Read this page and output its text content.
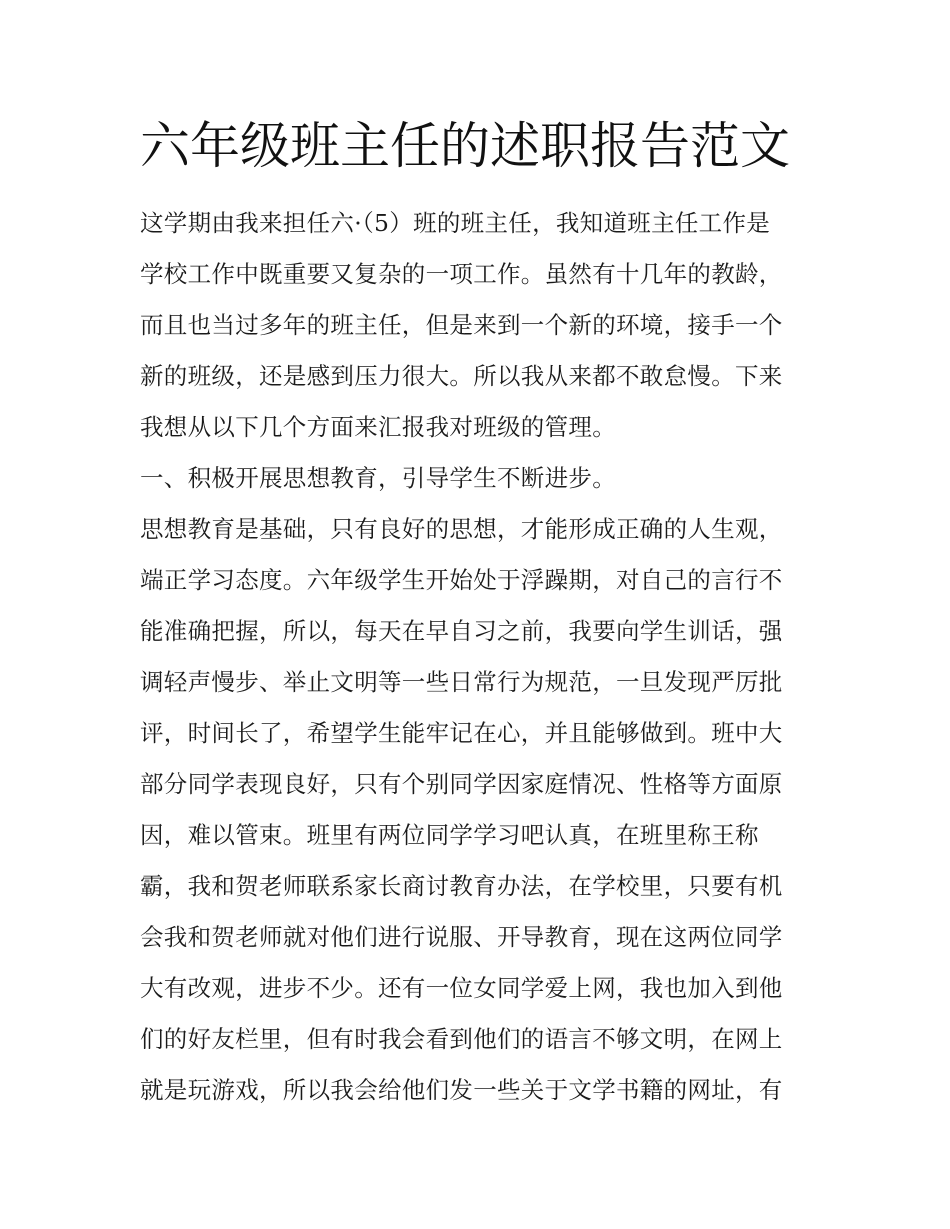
六年级班主任的述职报告范文
这学期由我来担任六·（5）班的班主任，我知道班主任工作是
学校工作中既重要又复杂的一项工作。虽然有十几年的教龄，
而且也当过多年的班主任，但是来到一个新的环境，接手一个
新的班级，还是感到压力很大。所以我从来都不敢怠慢。下来
我想从以下几个方面来汇报我对班级的管理。
一、积极开展思想教育，引导学生不断进步。
思想教育是基础，只有良好的思想，才能形成正确的人生观，
端正学习态度。六年级学生开始处于浮躁期，对自己的言行不
能准确把握，所以，每天在早自习之前，我要向学生训话，强
调轻声慢步、举止文明等一些日常行为规范，一旦发现严厉批
评，时间长了，希望学生能牢记在心，并且能够做到。班中大
部分同学表现良好，只有个别同学因家庭情况、性格等方面原
因，难以管束。班里有两位同学学习吧认真，在班里称王称
霸，我和贺老师联系家长商讨教育办法，在学校里，只要有机
会我和贺老师就对他们进行说服、开导教育，现在这两位同学
大有改观，进步不少。还有一位女同学爱上网，我也加入到他
们的好友栏里，但有时我会看到他们的语言不够文明，在网上
就是玩游戏，所以我会给他们发一些关于文学书籍的网址，有
